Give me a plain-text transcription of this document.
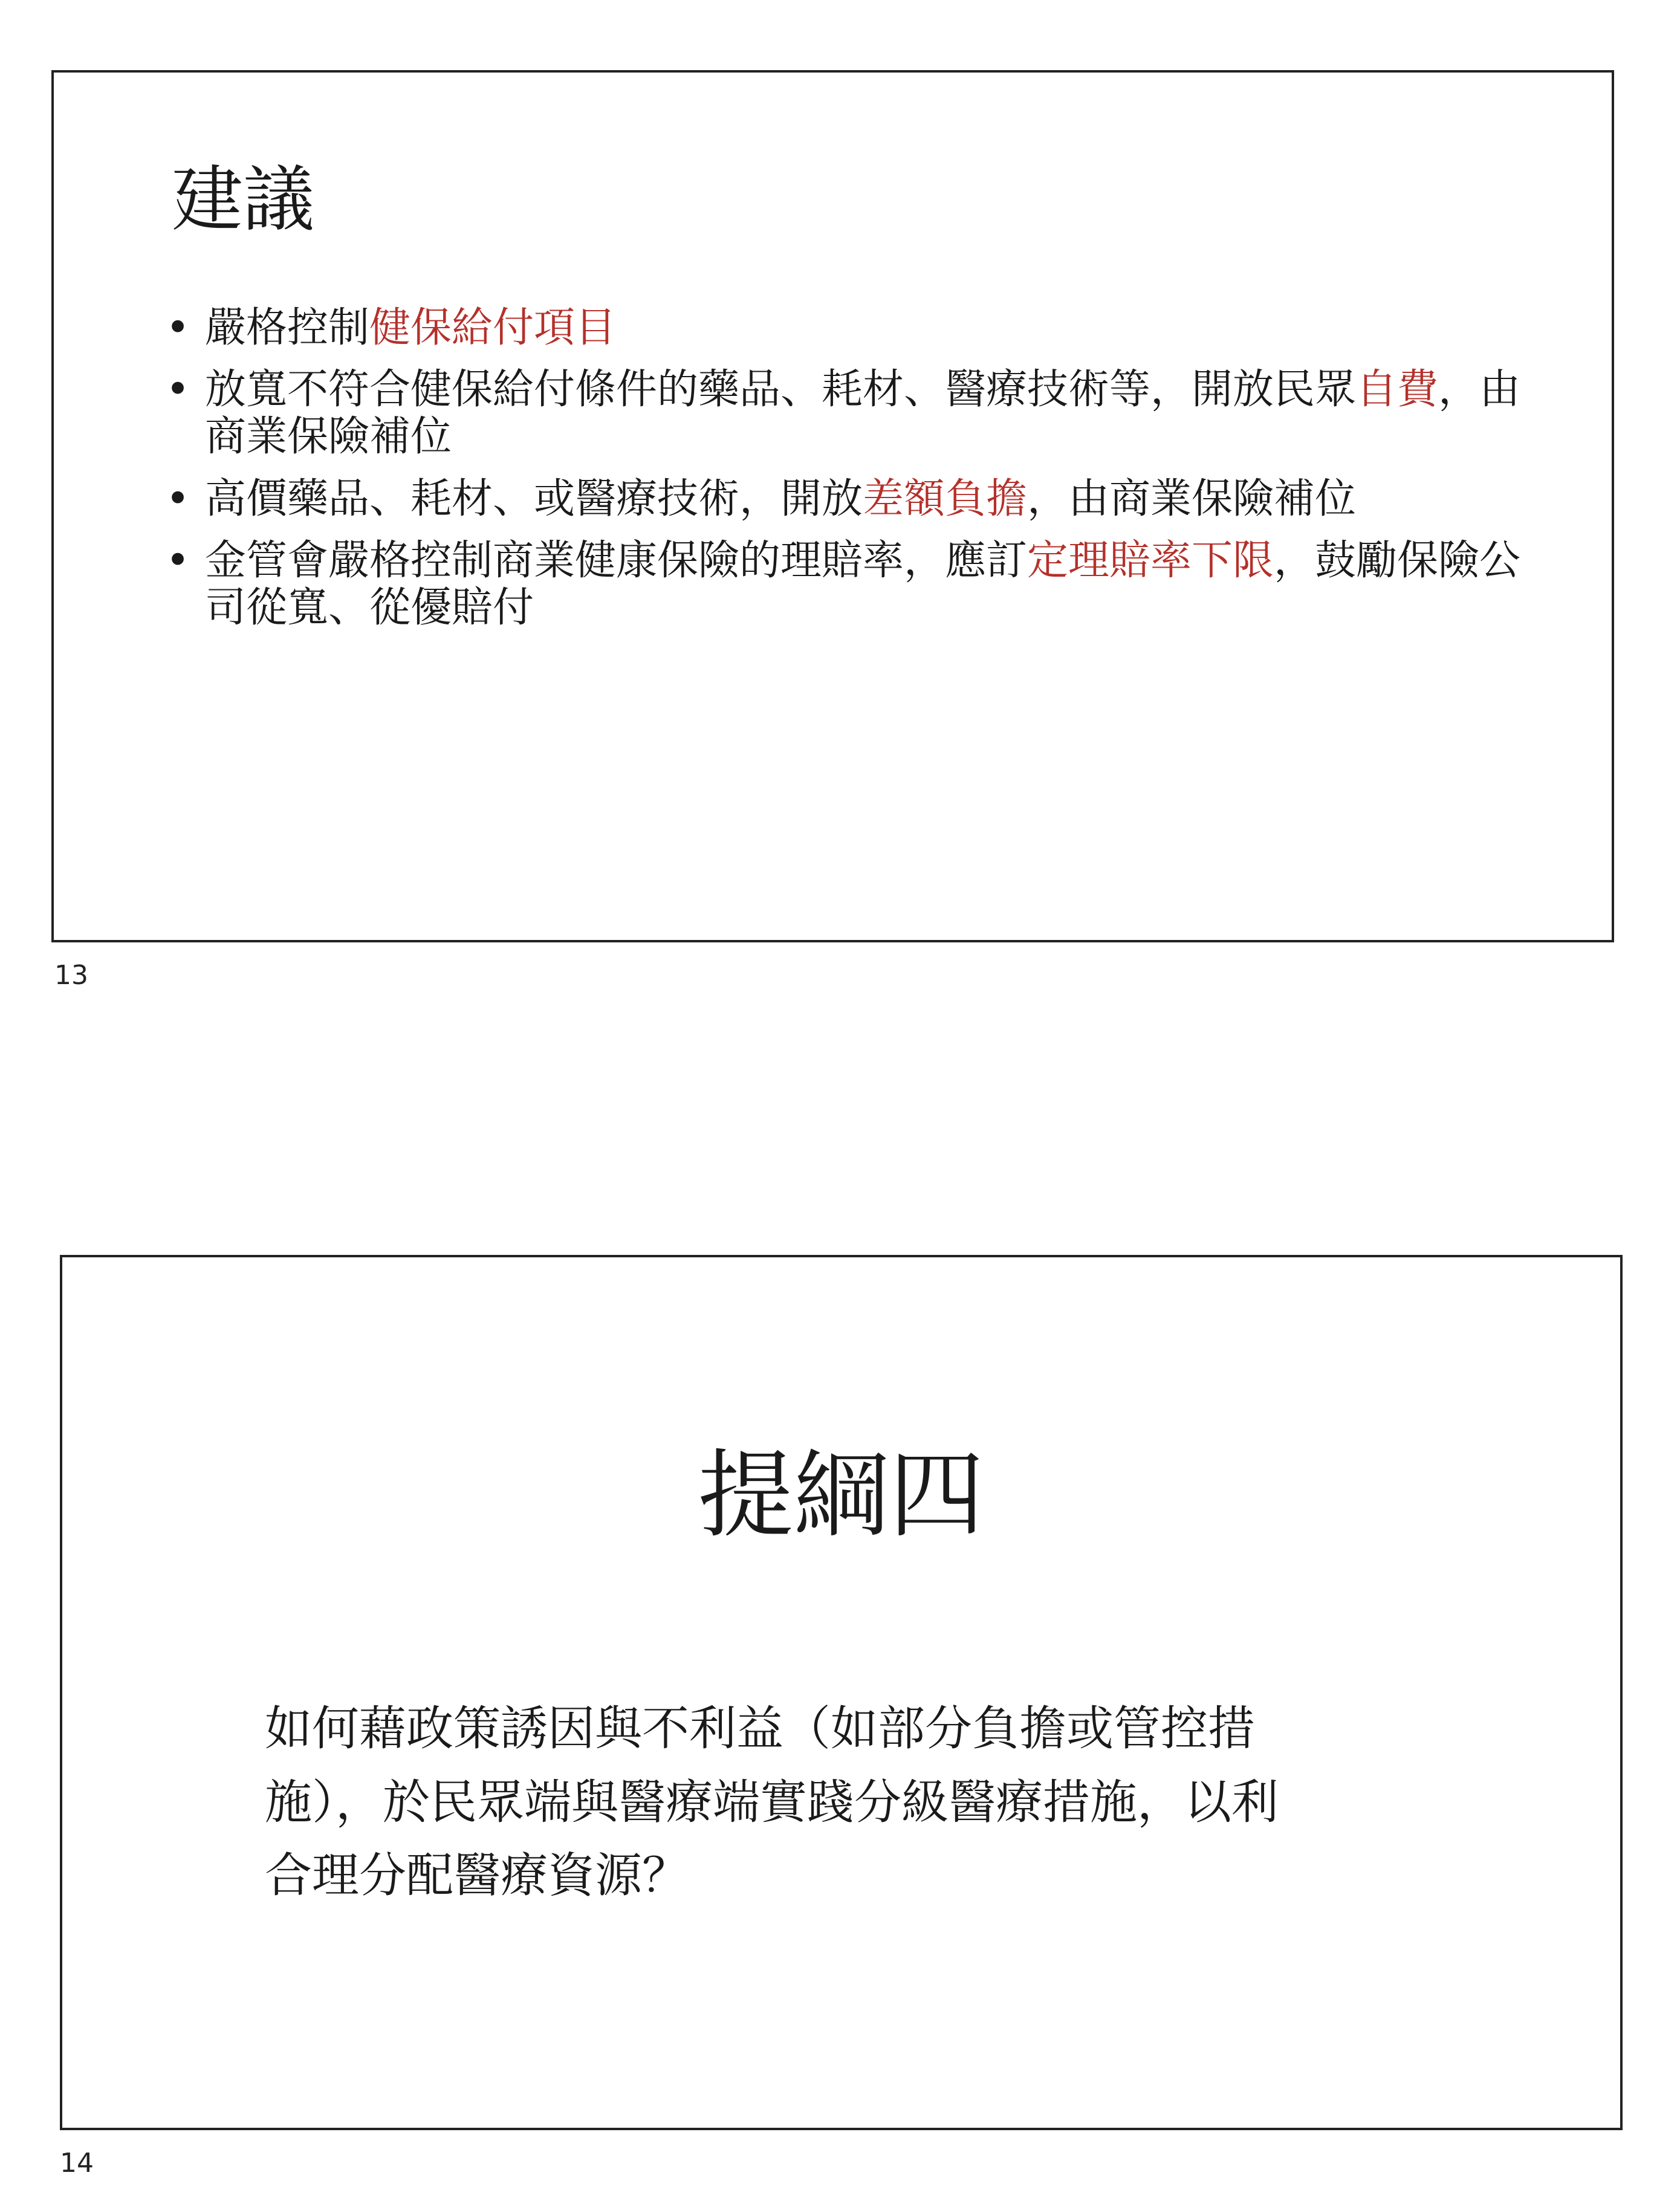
建議
• 嚴格控制健保給付項目
• 放寬不符合健保給付條件的藥品、耗材、醫療技術等，開放民眾自費，由商業保險補位
• 高價藥品、耗材、或醫療技術，開放差額負擔，由商業保險補位
• 金管會嚴格控制商業健康保險的理賠率，應訂定理賠率下限，鼓勵保險公司從寬、從優賠付
13
提綱四

如何藉政策誘因與不利益（如部分負擔或管控措
施），於民眾端與醫療端實踐分級醫療措施，以利
合理分配醫療資源？

14
